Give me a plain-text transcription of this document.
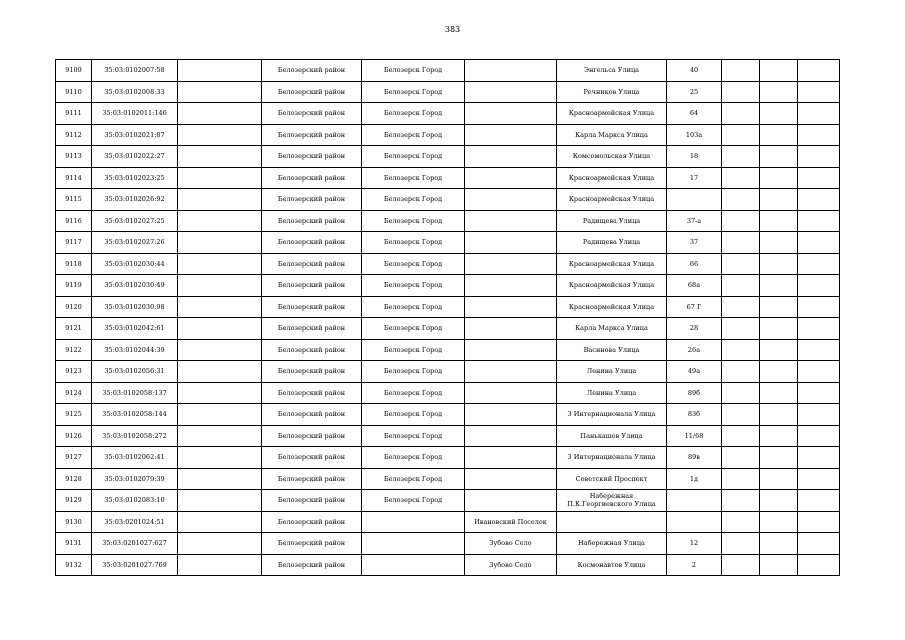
383
9109	35:03:0102007:58		Белозерский район	Белозерск Город		Энгельса Улица	40			
9110	35:03:0102008:33		Белозерский район	Белозерск Город		Речников Улица	25			
9111	35:03:0102011:146		Белозерский район	Белозерск Город		Красноармейская Улица	64			
9112	35:03:0102021:87		Белозерский район	Белозерск Город		Карла Маркса Улица	103а			
9113	35:03:0102022:27		Белозерский район	Белозерск Город		Комсомольская Улица	18			
9114	35:03:0102023:25		Белозерский район	Белозерск Город		Красноармейская Улица	17			
9115	35:03:0102026:92		Белозерский район	Белозерск Город		Красноармейская Улица				
9116	35:03:0102027:25		Белозерский район	Белозерск Город		Радищева Улица	37-а			
9117	35:03:0102027:26		Белозерский район	Белозерск Город		Радищева Улица	37			
9118	35:03:0102030:44		Белозерский район	Белозерск Город		Красноармейская Улица	66			
9119	35:03:0102030:49		Белозерский район	Белозерск Город		Красноармейская Улица	68а			
9120	35:03:0102030:98		Белозерский район	Белозерск Город		Красноармейская Улица	67 Г			
9121	35:03:0102042:61		Белозерский район	Белозерск Город		Карла Маркса Улица	28			
9122	35:03:0102044:39		Белозерский район	Белозерск Город		Васинова Улица	26а			
9123	35:03:0102056:31		Белозерский район	Белозерск Город		Ленина Улица	49а			
9124	35:03:0102058:137		Белозерский район	Белозерск Город		Ленина Улица	89б			
9125	35:03:0102058:144		Белозерский район	Белозерск Город		3 Интернационала Улица	83б			
9126	35:03:0102058:272		Белозерский район	Белозерск Город		Панькашев Улица	11/68			
9127	35:03:0102062:41		Белозерский район	Белозерск Город		3 Интернационала Улица	89в			
9128	35:03:0102079:39		Белозерский район	Белозерск Город		Советский Проспект	1д			
9129	35:03:0102083:10		Белозерский район	Белозерск Город		Набережная П.К.Георгиевского Улица				
9130	35:03:0201024:51		Белозерский район		Ивановский Поселок					
9131	35:03:0201027:627		Белозерский район		Зубово Село	Набережная Улица	12			
9132	35:03:0201027:769		Белозерский район		Зубово Село	Космонавтов Улица	2			
